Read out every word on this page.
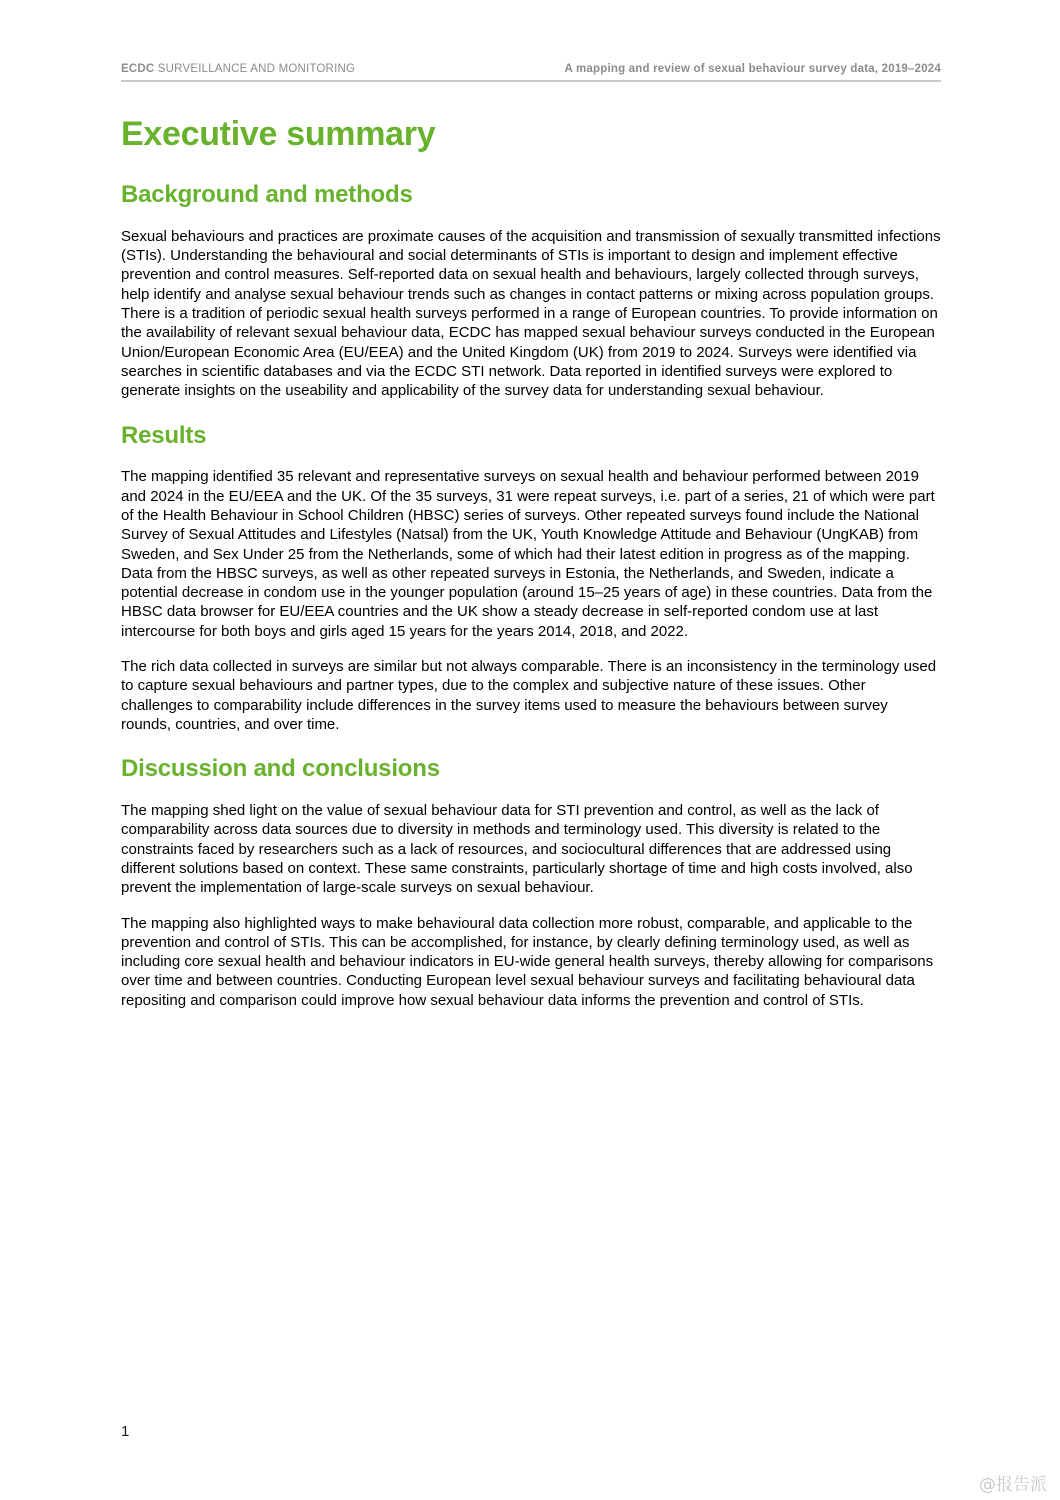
ECDC SURVEILLANCE AND MONITORING	A mapping and review of sexual behaviour survey data, 2019–2024
Executive summary
Background and methods

Sexual behaviours and practices are proximate causes of the acquisition and transmission of sexually transmitted infections (STIs). Understanding the behavioural and social determinants of STIs is important to design and implement effective prevention and control measures. Self-reported data on sexual health and behaviours, largely collected through surveys, help identify and analyse sexual behaviour trends such as changes in contact patterns or mixing across population groups. There is a tradition of periodic sexual health surveys performed in a range of European countries. To provide information on the availability of relevant sexual behaviour data, ECDC has mapped sexual behaviour surveys conducted in the European Union/European Economic Area (EU/EEA) and the United Kingdom (UK) from 2019 to 2024. Surveys were identified via searches in scientific databases and via the ECDC STI network. Data reported in identified surveys were explored to generate insights on the useability and applicability of the survey data for understanding sexual behaviour.

Results

The mapping identified 35 relevant and representative surveys on sexual health and behaviour performed between 2019 and 2024 in the EU/EEA and the UK. Of the 35 surveys, 31 were repeat surveys, i.e. part of a series, 21 of which were part of the Health Behaviour in School Children (HBSC) series of surveys. Other repeated surveys found include the National Survey of Sexual Attitudes and Lifestyles (Natsal) from the UK, Youth Knowledge Attitude and Behaviour (UngKAB) from Sweden, and Sex Under 25 from the Netherlands, some of which had their latest edition in progress as of the mapping. Data from the HBSC surveys, as well as other repeated surveys in Estonia, the Netherlands, and Sweden, indicate a potential decrease in condom use in the younger population (around 15–25 years of age) in these countries. Data from the HBSC data browser for EU/EEA countries and the UK show a steady decrease in self-reported condom use at last intercourse for both boys and girls aged 15 years for the years 2014, 2018, and 2022.

The rich data collected in surveys are similar but not always comparable. There is an inconsistency in the terminology used to capture sexual behaviours and partner types, due to the complex and subjective nature of these issues. Other challenges to comparability include differences in the survey items used to measure the behaviours between survey rounds, countries, and over time.

Discussion and conclusions

The mapping shed light on the value of sexual behaviour data for STI prevention and control, as well as the lack of comparability across data sources due to diversity in methods and terminology used. This diversity is related to the constraints faced by researchers such as a lack of resources, and sociocultural differences that are addressed using different solutions based on context. These same constraints, particularly shortage of time and high costs involved, also prevent the implementation of large-scale surveys on sexual behaviour.

The mapping also highlighted ways to make behavioural data collection more robust, comparable, and applicable to the prevention and control of STIs. This can be accomplished, for instance, by clearly defining terminology used, as well as including core sexual health and behaviour indicators in EU-wide general health surveys, thereby allowing for comparisons over time and between countries. Conducting European level sexual behaviour surveys and facilitating behavioural data repositing and comparison could improve how sexual behaviour data informs the prevention and control of STIs.

1
@报告派
